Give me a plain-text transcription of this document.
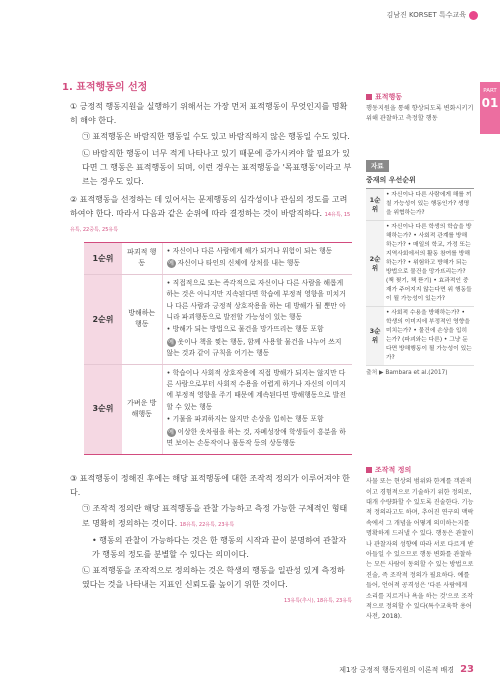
김남진 KORSET 특수교육
PART
01
1. 표적행동의 선정
① 긍정적 행동지원을 실행하기 위해서는 가장 먼저 표적행동이 무엇인지를 명확히 해야 한다.
㉠ 표적행동은 바람직한 행동일 수도 있고 바람직하지 않은 행동일 수도 있다.
㉡ 바람직한 행동이 너무 적게 나타나고 있기 때문에 증가시켜야 할 필요가 있다면 그 행동은 표적행동이 되며, 이런 경우는 표적행동을 '목표행동'이라고 부르는 경우도 있다.
② 표적행동을 선정하는 데 있어서는 문제행동의 심각성이나 관심의 정도를 고려하여야 한다. 따라서 다음과 같은 순위에 따라 결정하는 것이 바람직하다. 14유특, 15유특, 22중특, 25유특
1순위	파괴적 행동	• 자신이나 다른 사람에게 해가 되거나 위험이 되는 행동
예 자신이나 타인의 신체에 상처를 내는 행동

2순위	방해하는 행동	• 직접적으로 또는 즉각적으로 자신이나 다른 사람을 해롭게 하는 것은 아니지만 지속된다면 학습에 부정적 영향을 미치거나 다른 사람과 긍정적 상호작용을 하는 데 방해가 될 뿐만 아니라 파괴행동으로 발전할 가능성이 있는 행동
• 방해가 되는 방법으로 물건을 망가뜨리는 행동 포함
예 옷이나 책을 찢는 행동, 함께 사용할 물건을 나누어 쓰지 않는 것과 같이 규칙을 어기는 행동

3순위	가벼운 방해행동	• 학습이나 사회적 상호작용에 직접 방해가 되지는 않지만 다른 사람으로부터 사회적 수용을 어렵게 하거나 자신의 이미지에 부정적 영향을 주기 때문에 계속된다면 방해행동으로 발전할 수 있는 행동
• 기물을 파괴하지는 않지만 손상을 입히는 행동 포함
예 이상한 옷차림을 하는 것, 자폐성장애 학생들이 흥분을 하면 보이는 손동작이나 몸동작 등의 상동행동
③ 표적행동이 정해진 후에는 해당 표적행동에 대한 조작적 정의가 이루어져야 한다.
㉠ 조작적 정의란 해당 표적행동을 관찰 가능하고 측정 가능한 구체적인 형태로 명확히 정의하는 것이다. 18유특, 22유특, 23유특
• 행동의 관찰이 가능하다는 것은 한 행동의 시작과 끝이 분명하여 관찰자가 행동의 정도를 분별할 수 있다는 의미이다.
㉡ 표적행동을 조작적으로 정의하는 것은 학생의 행동을 일관성 있게 측정하였다는 것을 나타내는 지표인 신뢰도를 높이기 위한 것이다.
13유특(추시), 18유특, 23유특
표적행동
행동지원을 통해 향상되도록 변화시키기 위해 관찰하고 측정할 행동
자료
중재의 우선순위
1순위	• 자신이나 다른 사람에게 해를 끼칠 가능성이 있는 행동인가? 생명을 위협하는가?
2순위	• 자신이나 다른 학생의 학습을 방해하는가? • 사회적 관계를 방해하는가? • 매일의 학교, 가정 또는 지역사회에서의 활동 참여를 방해하는가? • 위험하고 방해가 되는 방법으로 물건을 망가뜨리는가? (책 찢기, 책 뜯기) • 효과적인 중재가 주어지지 않는다면 위 행동들이 될 가능성이 있는가?
3순위	• 사회적 수용을 방해하는가? • 학생의 이미지에 부정적인 영향을 미치는가? • 물건에 손상을 입히는가? (파괴와는 다른) • 그냥 둔다면 방해행동이 될 가능성이 있는가?
출처 ▶ Bambara et al.(2017)
조작적 정의
사물 또는 현상의 범위와 한계를 객관적이고 경험적으로 기술하기 위한 정의로, 대개 수량화할 수 있도록 진술한다. 기능적 정의라고도 하며, 추어진 연구의 맥락 속에서 그 개념을 어떻게 의미하는지를 명확하게 드러낼 수 있다. 행동은 관찰이나 관찰자의 성향에 따라 서로 다르게 받아들일 수 있으므로 행동 변화를 관찰하는 모든 사람이 동의할 수 있는 방법으로 진술, 즉 조작적 정의가 필요하다. 예를 들어, 언어적 공격성은 '다른 사람에게 소리를 지르거나 욕을 하는 것'으로 조작적으로 정의할 수 있다(특수교육학 용어사전, 2018).
제1장 긍정적 행동지원의 이론적 배경 23
